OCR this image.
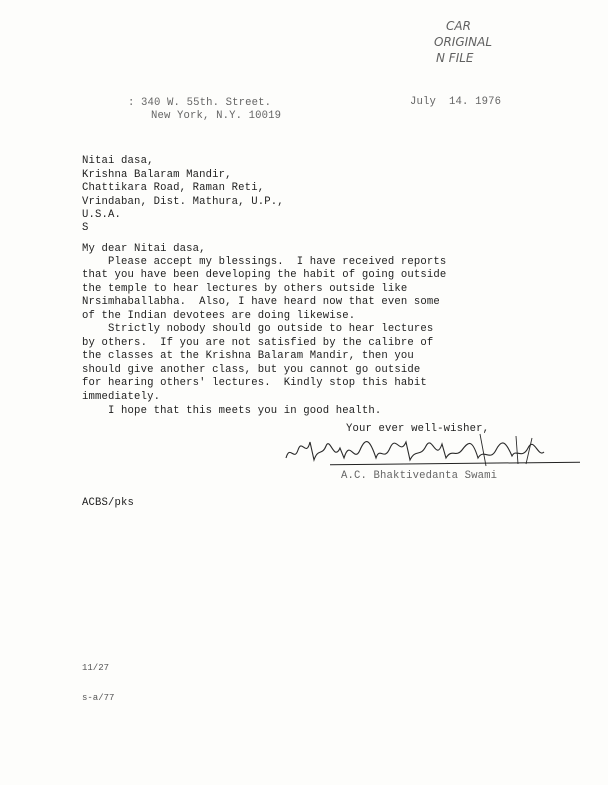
CAR
ORIGINAL
N FILE
: 340 W. 55th. Street.
New York, N.Y. 10019
July  14. 1976
Nitai dasa,
Krishna Balaram Mandir,
Chattikara Road, Raman Reti,
Vrindaban, Dist. Mathura, U.P.,
U.S.A.
S
My dear Nitai dasa,
Please accept my blessings.  I have received reports
that you have been developing the habit of going outside
the temple to hear lectures by others outside like
Nrsimhaballabha.  Also, I have heard now that even some
of the Indian devotees are doing likewise.
Strictly nobody should go outside to hear lectures
by others.  If you are not satisfied by the calibre of
the classes at the Krishna Balaram Mandir, then you
should give another class, but you cannot go outside
for hearing others' lectures.  Kindly stop this habit
immediately.
I hope that this meets you in good health.
Your ever well-wisher,
A.C. Bhaktivedanta Swami
ACBS/pks

11/27

s-a/77
